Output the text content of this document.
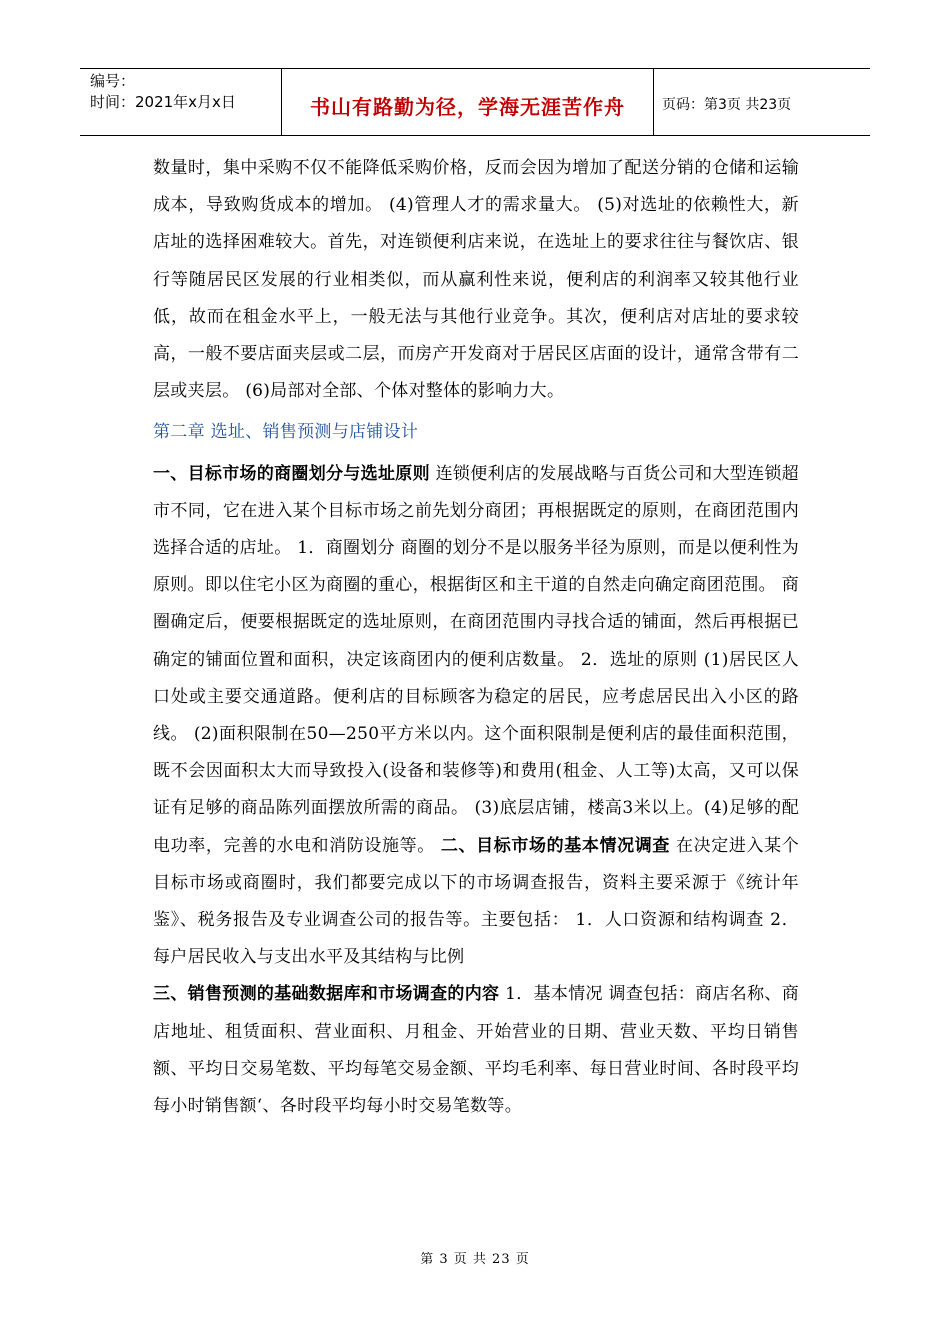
编号：
时间：2021年x月x日	书山有路勤为径，学海无涯苦作舟	页码：第3页 共23页

数量时，集中采购不仅不能降低采购价格，反而会因为增加了配送分销的仓储和运输成本，导致购货成本的增加。 (4)管理人才的需求量大。 (5)对选址的依赖性大，新店址的选择困难较大。首先，对连锁便利店来说，在选址上的要求往往与餐饮店、银行等随居民区发展的行业相类似，而从赢利性来说，便利店的利润率又较其他行业低，故而在租金水平上，一般无法与其他行业竞争。其次，便利店对店址的要求较高，一般不要店面夹层或二层，而房产开发商对于居民区店面的设计，通常含带有二层或夹层。 (6)局部对全部、个体对整体的影响力大。

第二章 选址、销售预测与店铺设计

一、目标市场的商圈划分与选址原则 连锁便利店的发展战略与百货公司和大型连锁超市不同，它在进入某个目标市场之前先划分商团；再根据既定的原则，在商团范围内选择合适的店址。 1．商圈划分 商圈的划分不是以服务半径为原则，而是以便利性为原则。即以住宅小区为商圈的重心，根据街区和主干道的自然走向确定商团范围。 商圈确定后，便要根据既定的选址原则，在商团范围内寻找合适的铺面，然后再根据已确定的铺面位置和面积，决定该商团内的便利店数量。 2．选址的原则 (1)居民区人口处或主要交通道路。便利店的目标顾客为稳定的居民，应考虑居民出入小区的路线。 (2)面积限制在50—250平方米以内。这个面积限制是便利店的最佳面积范围，既不会因面积太大而导致投入(设备和装修等)和费用(租金、人工等)太高，又可以保证有足够的商品陈列面摆放所需的商品。 (3)底层店铺，楼高3米以上。(4)足够的配电功率，完善的水电和消防设施等。 二、目标市场的基本情况调查 在决定进入某个目标市场或商圈时，我们都要完成以下的市场调查报告，资料主要采源于《统计年鉴》、税务报告及专业调查公司的报告等。主要包括： 1．人口资源和结构调查 2．每户居民收入与支出水平及其结构与比例
三、销售预测的基础数据库和市场调查的内容 1．基本情况 调查包括：商店名称、商店地址、租赁面积、营业面积、月租金、开始营业的日期、营业天数、平均日销售额、平均日交易笔数、平均每笔交易金额、平均毛利率、每日营业时间、各时段平均每小时销售额‘、各时段平均每小时交易笔数等。

第 3 页 共 23 页
